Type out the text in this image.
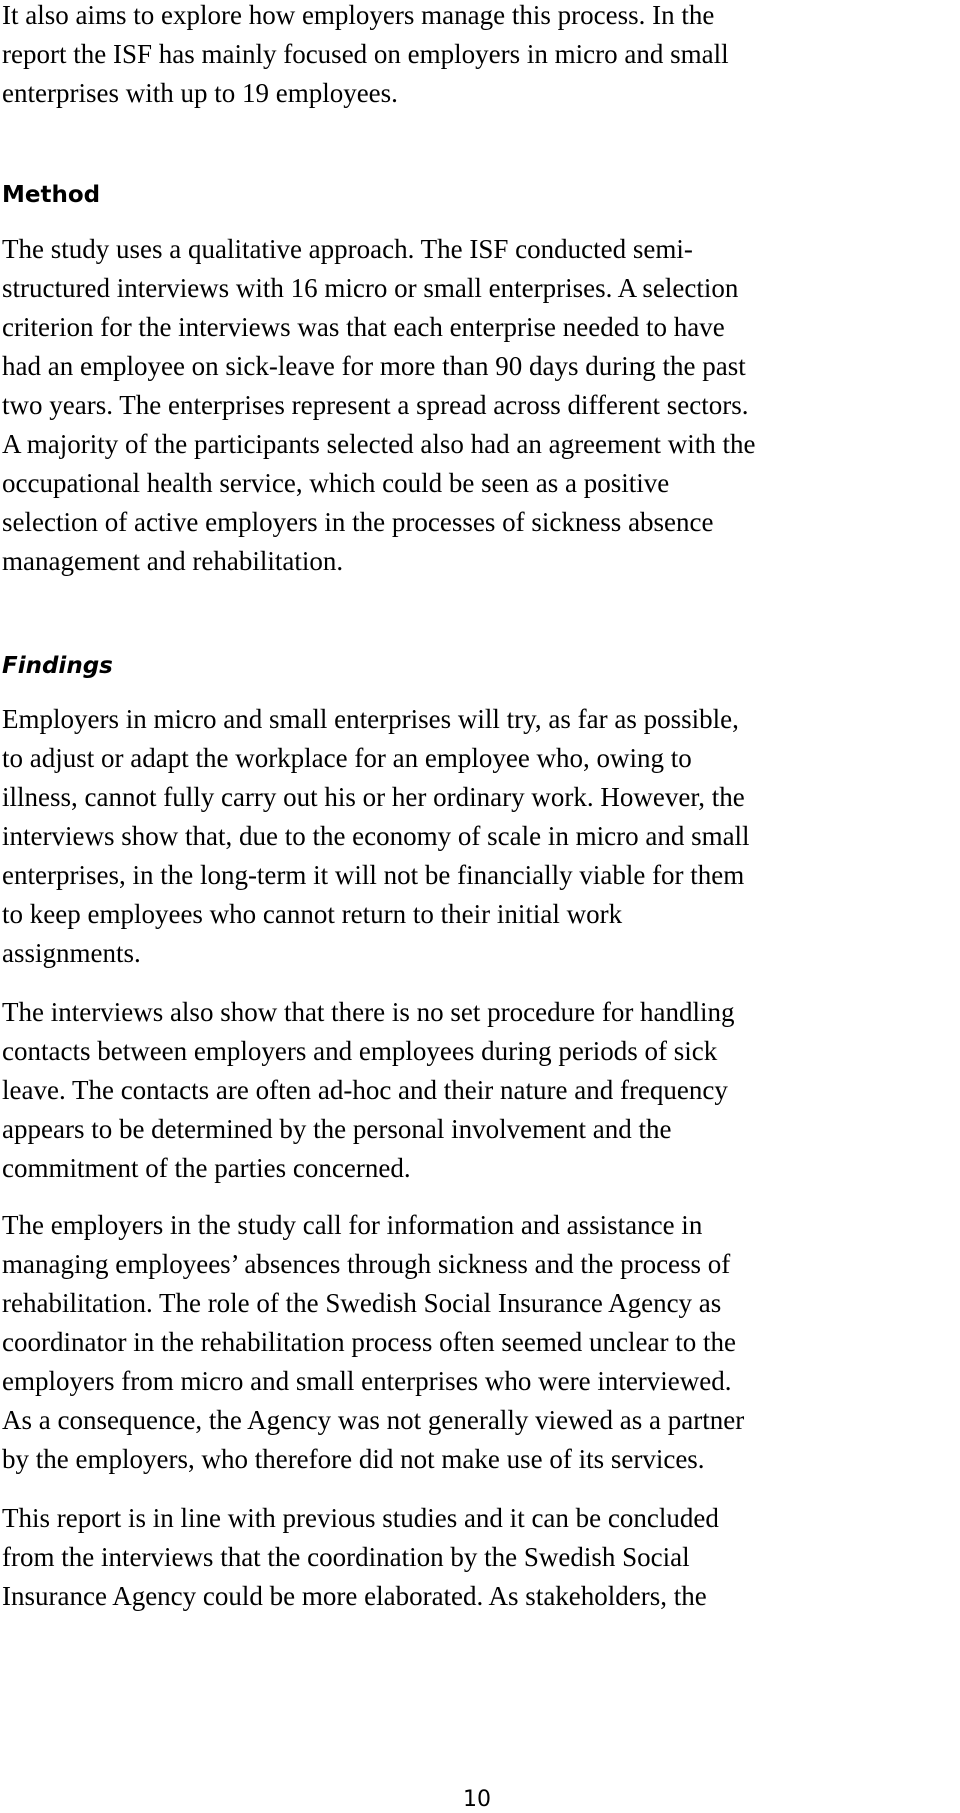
It also aims to explore how employers manage this process. In the
report the ISF has mainly focused on employers in micro and small
enterprises with up to 19 employees.

Method

The study uses a qualitative approach. The ISF conducted semi-
structured interviews with 16 micro or small enterprises. A selection
criterion for the interviews was that each enterprise needed to have
had an employee on sick-leave for more than 90 days during the past
two years. The enterprises represent a spread across different sectors.
A majority of the participants selected also had an agreement with the
occupational health service, which could be seen as a positive
selection of active employers in the processes of sickness absence
management and rehabilitation.

Findings

Employers in micro and small enterprises will try, as far as possible,
to adjust or adapt the workplace for an employee who, owing to
illness, cannot fully carry out his or her ordinary work. However, the
interviews show that, due to the economy of scale in micro and small
enterprises, in the long-term it will not be financially viable for them
to keep employees who cannot return to their initial work
assignments.

The interviews also show that there is no set procedure for handling
contacts between employers and employees during periods of sick
leave. The contacts are often ad-hoc and their nature and frequency
appears to be determined by the personal involvement and the
commitment of the parties concerned.

The employers in the study call for information and assistance in
managing employees’ absences through sickness and the process of
rehabilitation. The role of the Swedish Social Insurance Agency as
coordinator in the rehabilitation process often seemed unclear to the
employers from micro and small enterprises who were interviewed.
As a consequence, the Agency was not generally viewed as a partner
by the employers, who therefore did not make use of its services.

This report is in line with previous studies and it can be concluded
from the interviews that the coordination by the Swedish Social
Insurance Agency could be more elaborated. As stakeholders, the

10
